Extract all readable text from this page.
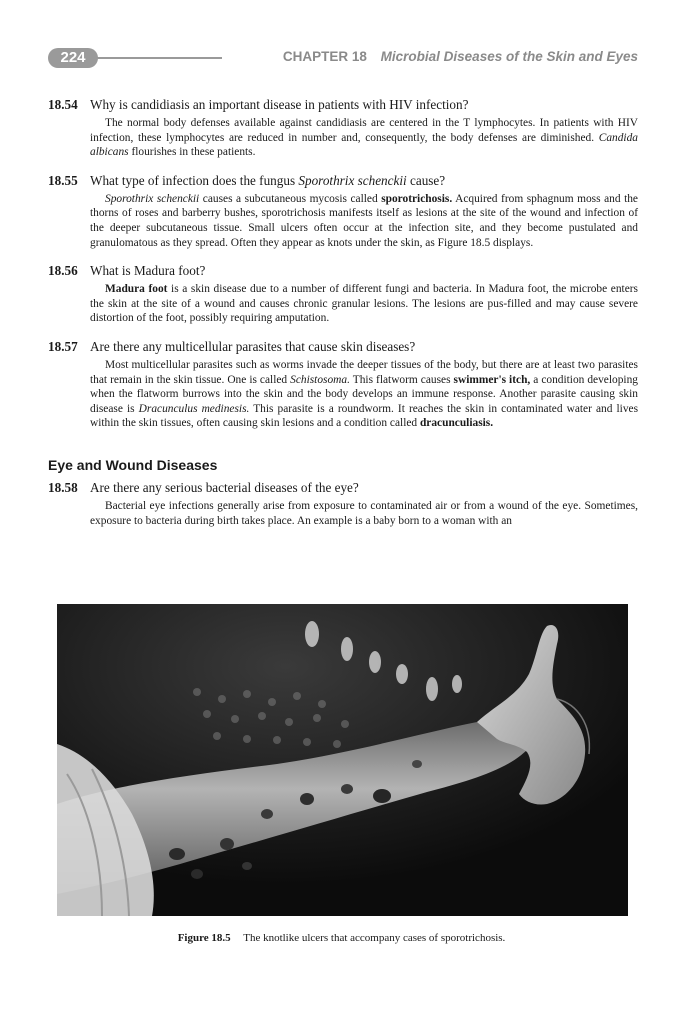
224	CHAPTER 18 Microbial Diseases of the Skin and Eyes
18.54 Why is candidiasis an important disease in patients with HIV infection?
The normal body defenses available against candidiasis are centered in the T lymphocytes. In patients with HIV infection, these lymphocytes are reduced in number and, consequently, the body defenses are diminished. Candida albicans flourishes in these patients.
18.55 What type of infection does the fungus Sporothrix schenckii cause?
Sporothrix schenckii causes a subcutaneous mycosis called sporotrichosis. Acquired from sphagnum moss and the thorns of roses and barberry bushes, sporotrichosis manifests itself as lesions at the site of the wound and infection of the deeper subcutaneous tissue. Small ulcers often occur at the infection site, and they become pustulated and granulomatous as they spread. Often they appear as knots under the skin, as Figure 18.5 displays.
18.56 What is Madura foot?
Madura foot is a skin disease due to a number of different fungi and bacteria. In Madura foot, the microbe enters the skin at the site of a wound and causes chronic granular lesions. The lesions are pus-filled and may cause severe distortion of the foot, possibly requiring amputation.
18.57 Are there any multicellular parasites that cause skin diseases?
Most multicellular parasites such as worms invade the deeper tissues of the body, but there are at least two parasites that remain in the skin tissue. One is called Schistosoma. This flatworm causes swimmer's itch, a condition developing when the flatworm burrows into the skin and the body develops an immune response. Another parasite causing skin disease is Dracunculus medinesis. This parasite is a roundworm. It reaches the skin in contaminated water and lives within the skin tissues, often causing skin lesions and a condition called dracunculiasis.
Eye and Wound Diseases
18.58 Are there any serious bacterial diseases of the eye?
Bacterial eye infections generally arise from exposure to contaminated air or from a wound of the eye. Sometimes, exposure to bacteria during birth takes place. An example is a baby born to a woman with an
Figure 18.5 The knotlike ulcers that accompany cases of sporotrichosis.
